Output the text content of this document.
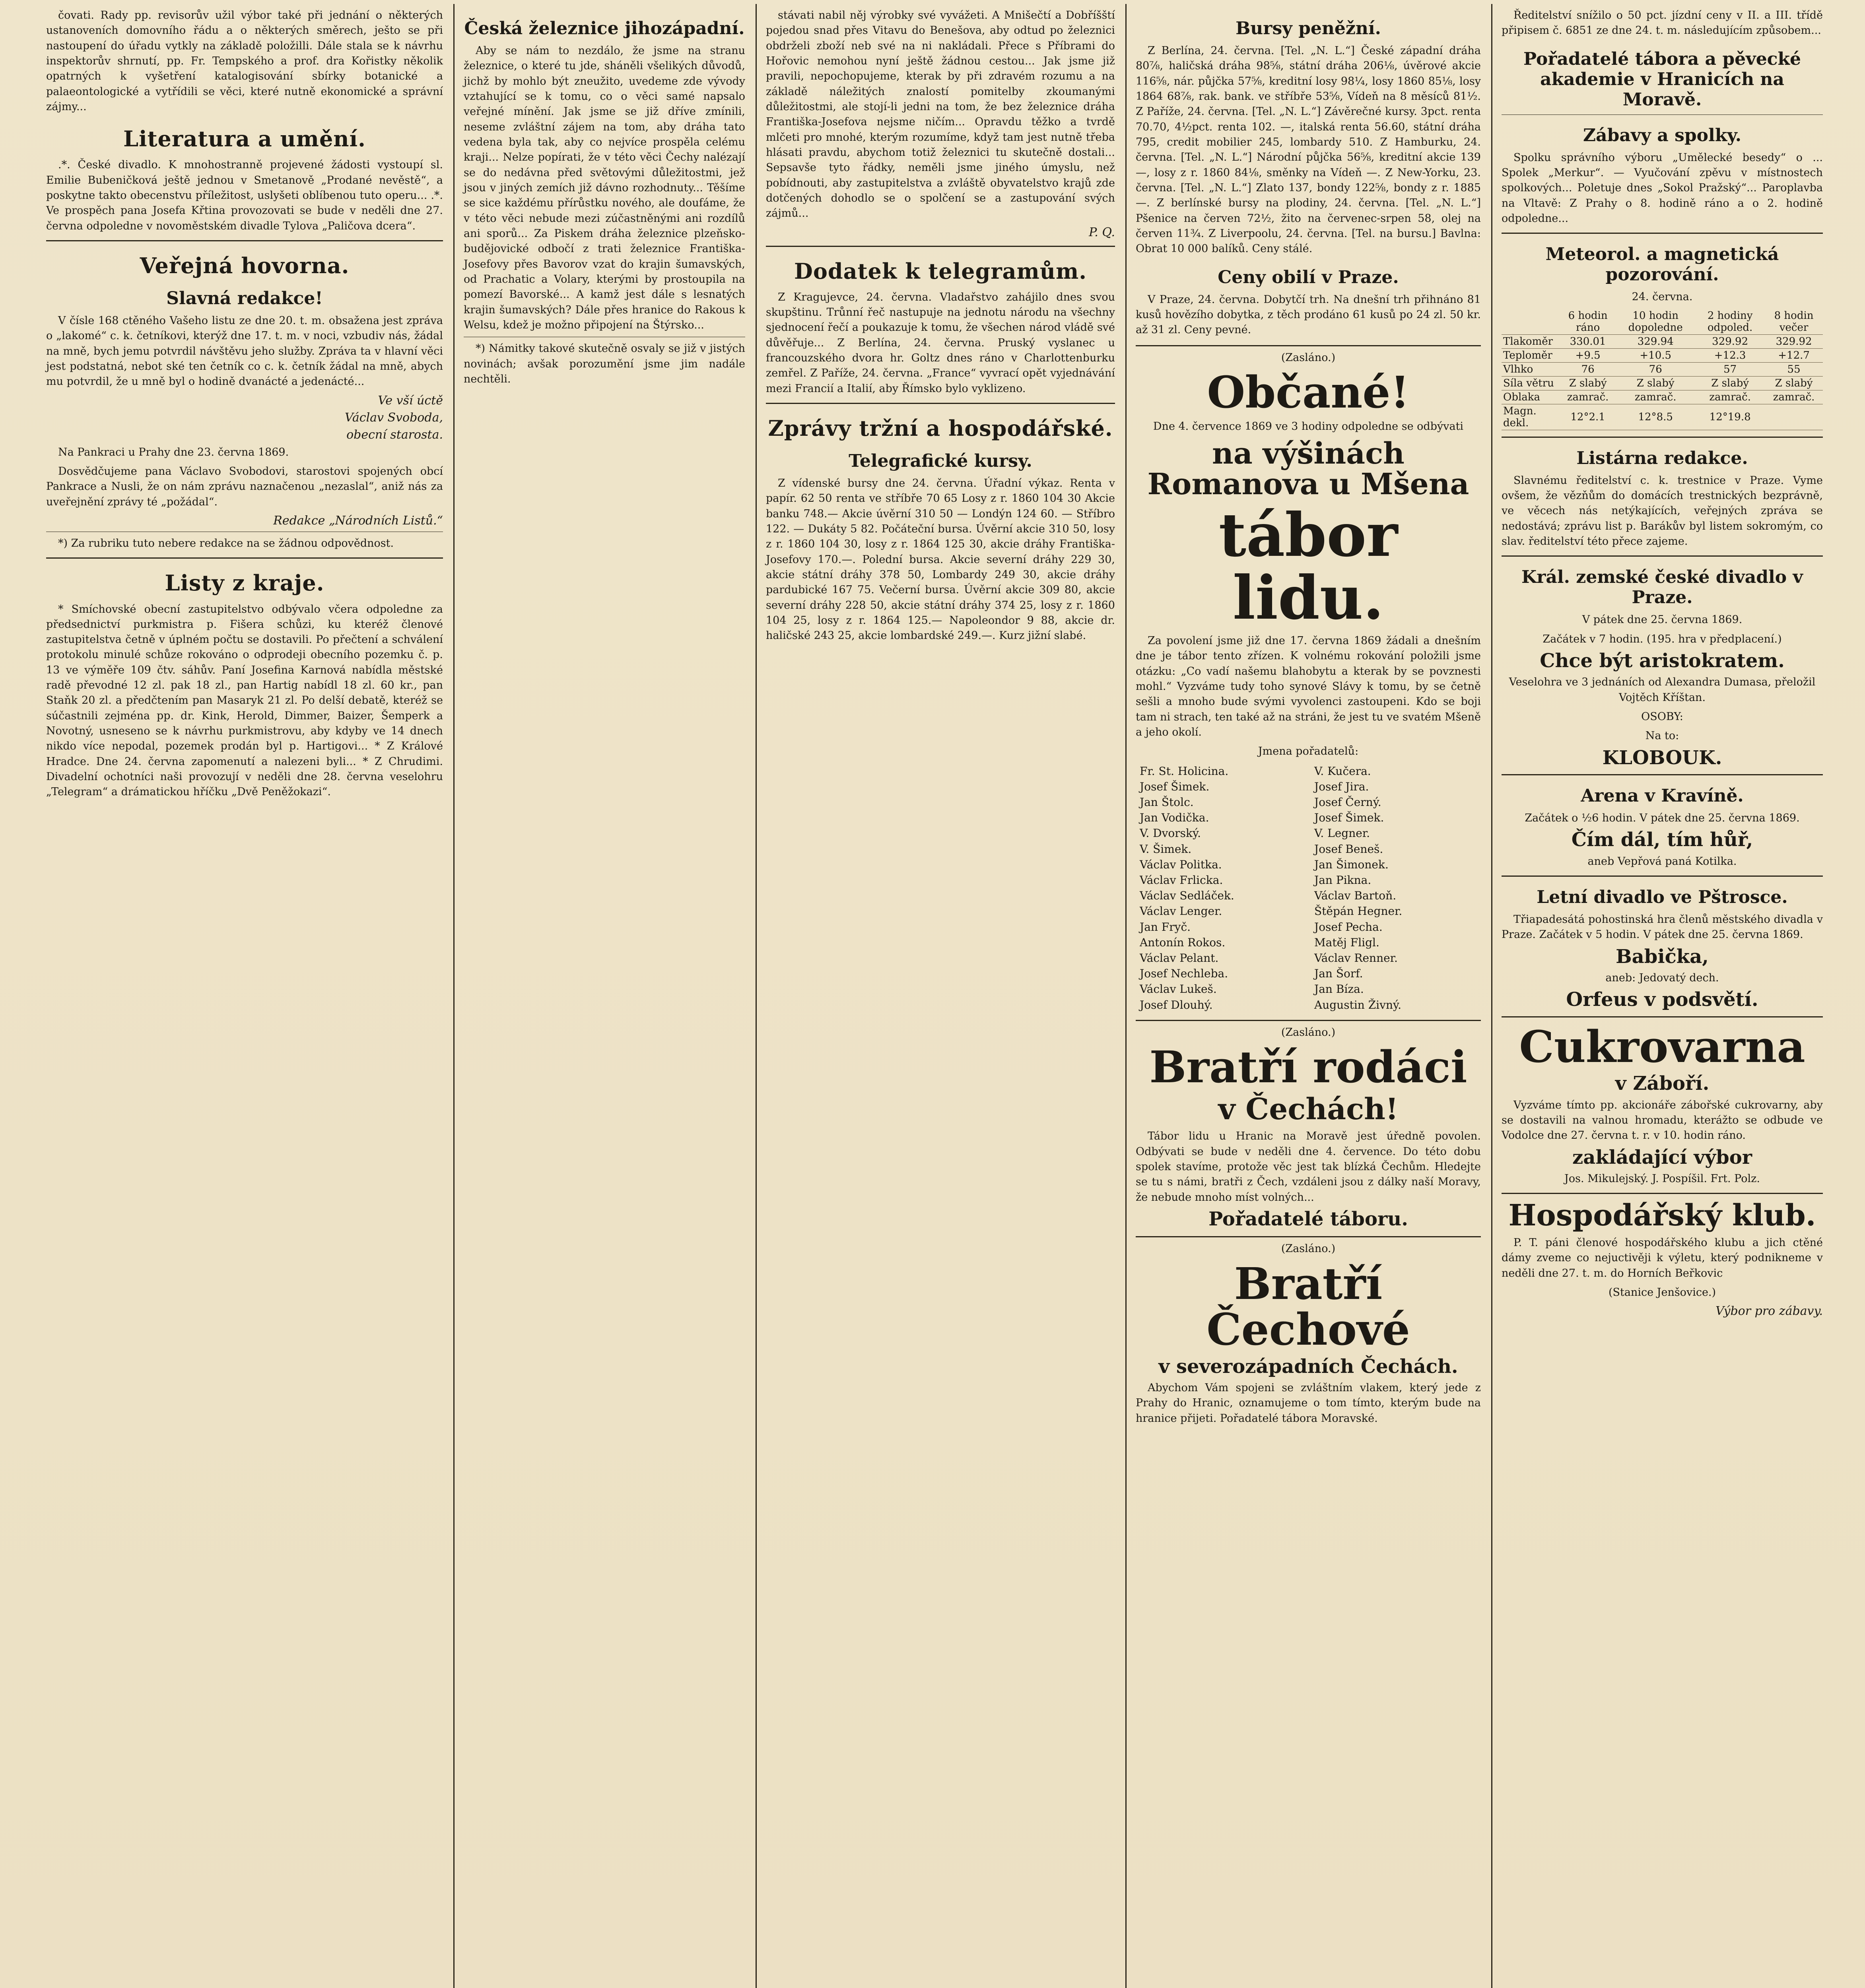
čovati. Rady pp. revisorův užil výbor také při jednání o některých ustanoveních domovního řádu a o některých směrech, ješto se při nastoupení do úřadu vytkly na základě položilli. Dále stala se k návrhu inspektorův shrnutí, pp. Fr. Tempského a prof. dra Kořistky několik opatrných k vyšetření katalogisování sbírky botanické a palaeontologické a vytřídili se věci, které nutně ekonomické a správní zájmy...

Literatura a umění.

.*. České divadlo. K mnohostranně projevené žádosti vystoupí sl. Emilie Bubeničková ještě jednou v Smetanově „Prodané nevěstě“, a poskytne takto obecenstvu příležitost, uslyšeti oblíbenou tuto operu... .*. Ve prospěch pana Josefa Křtina provozovati se bude v neděli dne 27. června odpoledne v novoměstském divadle Tylova „Paličova dcera“.

Veřejná hovorna.
Slavná redakce!

V čísle 168 ctěného Vašeho listu ze dne 20. t. m. obsažena jest zpráva o „lakomé“ c. k. četníkovi, kterýž dne 17. t. m. v noci, vzbudiv nás, žádal na mně, bych jemu potvrdil návštěvu jeho služby. Zpráva ta v hlavní věci jest podstatná, nebot ské ten četník co c. k. četník žádal na mně, abych mu potvrdil, že u mně byl o hodině dvanácté a jedenácté...

Ve vší úctě
Václav Svoboda,
obecní starosta.

Na Pankraci u Prahy dne 23. června 1869.

Dosvědčujeme pana Václavo Svobodovi, starostovi spojených obcí Pankrace a Nusli, že on nám zprávu naznačenou „nezaslal“, aniž nás za uveřejnění zprávy té „požádal“.

Redakce „Národních Listů.“

*) Za rubriku tuto nebere redakce na se žádnou odpovědnost.

Listy z kraje.

* Smíchovské obecní zastupitelstvo odbývalo včera odpoledne za předsednictví purkmistra p. Fišera schůzi, ku kteréž členové zastupitelstva četně v úplném počtu se dostavili. Po přečtení a schválení protokolu minulé schůze rokováno o odprodeji obecního pozemku č. p. 13 ve výměře 109 čtv. sáhův. Paní Josefina Karnová nabídla městské radě převodné 12 zl. pak 18 zl., pan Hartig nabídl 18 zl. 60 kr., pan Staňk 20 zl. a předčtením pan Masaryk 21 zl. Po delší debatě, kteréž se súčastnili zejména pp. dr. Kink, Herold, Dimmer, Baizer, Šemperk a Novotný, usneseno se k návrhu purkmistrovu, aby kdyby ve 14 dnech nikdo více nepodal, pozemek prodán byl p. Hartigovi... * Z Králové Hradce. Dne 24. června zapomenutí a nalezeni byli... * Z Chrudimi. Divadelní ochotníci naši provozují v neděli dne 28. června veselohru „Telegram“ a drámatickou hříčku „Dvě Peněžokazi“.

Česká železnice jihozápadní.

Aby se nám to nezdálo, že jsme na stranu železnice, o které tu jde, sháněli všelikých důvodů, jichž by mohlo být zneužito, uvedeme zde vývody vztahující se k tomu, co o věci samé napsalo veřejné mínění. Jak jsme se již dříve zmínili, neseme zvláštní zájem na tom, aby dráha tato vedena byla tak, aby co nejvíce prospěla celému kraji... Nelze popírati, že v této věci Čechy nalézají se do nedávna před světovými důležitostmi, jež jsou v jiných zemích již dávno rozhodnuty... Těšíme se sice každému přírůstku nového, ale doufáme, že v této věci nebude mezi zúčastněnými ani rozdílů ani sporů... Za Piskem dráha železnice plzeňsko-budějovické odbočí z trati železnice Františka-Josefovy přes Bavorov vzat do krajin šumavských, od Prachatic a Volary, kterými by prostoupila na pomezí Bavorské... A kamž jest dále s lesnatých krajin šumavských? Dále přes hranice do Rakous k Welsu, kdež je možno připojení na Štýrsko...

*) Námitky takové skutečně osvaly se již v jistých novinách; avšak porozumění jsme jim nadále nechtěli.

stávati nabil něj výrobky své vyvážeti. A Mnišečtí a Dobříšští pojedou snad přes Vitavu do Benešova, aby odtud po železnici obdrželi zboží neb své na ni nakládali. Přece s Příbrami do Hořovic nemohou nyní ještě žádnou cestou... Jak jsme již pravili, nepochopujeme, kterak by při zdravém rozumu a na základě náležitých znalostí pomitelby zkoumanými důležitostmi, ale stojí-li jedni na tom, že bez železnice dráha Františka-Josefova nejsme ničím... Opravdu těžko a tvrdě mlčeti pro mnohé, kterým rozumíme, když tam jest nutně třeba hlásati pravdu, abychom totiž železnici tu skutečně dostali... Sepsavše tyto řádky, neměli jsme jiného úmyslu, než pobídnouti, aby zastupitelstva a zvláště obyvatelstvo krajů zde dotčených dohodlo se o spolčení se a zastupování svých zájmů...

P. Q.
Dodatek k telegramům.

Z Kragujevce, 24. června. Vladařstvo zahájilo dnes svou skupštinu. Trůnní řeč nastupuje na jednotu národu na všechny sjednocení řečí a poukazuje k tomu, že všechen národ vládě své důvěřuje... Z Berlína, 24. června. Pruský vyslanec u francouzského dvora hr. Goltz dnes ráno v Charlottenburku zemřel. Z Paříže, 24. června. „France“ vyvrací opět vyjednávání mezi Francií a Italií, aby Římsko bylo vyklizeno.

Zprávy tržní a hospodářské.
Telegrafické kursy.

Z vídenské bursy dne 24. června. Úřadní výkaz. Renta v papír. 62 50 renta ve stříbře 70 65 Losy z r. 1860 104 30 Akcie banku 748.— Akcie úvěrní 310 50 — Londýn 124 60. — Stříbro 122. — Dukáty 5 82. Počáteční bursa. Úvěrní akcie 310 50, losy z r. 1860 104 30, losy z r. 1864 125 30, akcie dráhy Františka-Josefovy 170.—. Polední bursa. Akcie severní dráhy 229 30, akcie státní dráhy 378 50, Lombardy 249 30, akcie dráhy pardubické 167 75. Večerní bursa. Úvěrní akcie 309 80, akcie severní dráhy 228 50, akcie státní dráhy 374 25, losy z r. 1860 104 25, losy z r. 1864 125.— Napoleondor 9 88, akcie dr. haličské 243 25, akcie lombardské 249.—. Kurz jižní slabé.

Bursy peněžní.

Z Berlína, 24. června. [Tel. „N. L.“] České západní dráha 80⅞, haličská dráha 98⅝, státní dráha 206⅛, úvěrové akcie 116⅝, nár. půjčka 57⅝, kreditní losy 98¼, losy 1860 85⅛, losy 1864 68⅞, rak. bank. ve stříbře 53⅝, Vídeň na 8 měsíců 81½. Z Paříže, 24. června. [Tel. „N. L.“] Závěrečné kursy. 3pct. renta 70.70, 4½pct. renta 102. —, italská renta 56.60, státní dráha 795, credit mobilier 245, lombardy 510. Z Hamburku, 24. června. [Tel. „N. L.“] Národní půjčka 56⅝, kreditní akcie 139—, losy z r. 1860 84⅛, směnky na Vídeň —. Z New-Yorku, 23. června. [Tel. „N. L.“] Zlato 137, bondy 122⅝, bondy z r. 1885 —. Z berlínské bursy na plodiny, 24. června. [Tel. „N. L.“] Pšenice na červen 72½, žito na červenec-srpen 58, olej na červen 11¾. Z Liverpoolu, 24. června. [Tel. na bursu.] Bavlna: Obrat 10 000 balíků. Ceny stálé.

Ceny obilí v Praze.

V Praze, 24. června. Dobytčí trh. Na dnešní trh přihnáno 81 kusů hovězího dobytka, z těch prodáno 61 kusů po 24 zl. 50 kr. až 31 zl. Ceny pevné.

(Zasláno.)

Občané!

Dne 4. července 1869 ve 3 hodiny odpoledne se odbývati

na výšinách Romanova u Mšena
tábor lidu.

Za povolení jsme již dne 17. června 1869 žádali a dnešním dne je tábor tento zřízen. K volnému rokování položili jsme otázku: „Co vadí našemu blahobytu a kterak by se povznesti mohl.“ Vyzváme tudy toho synové Slávy k tomu, by se četně sešli a mnoho bude svými vyvolenci zastoupeni. Kdo se boji tam ni strach, ten také až na stráni, že jest tu ve svatém Mšeně a jeho okolí.

Jmena pořadatelů:

Fr. St. Holicina.
Josef Šimek.
Jan Štolc.
Jan Vodička.
V. Dvorský.
V. Šimek.
Václav Politka.
Václav Frlicka.
Václav Sedláček.
Václav Lenger.
Jan Fryč.
Antonín Rokos.
Václav Pelant.
Josef Nechleba.
Václav Lukeš.
Josef Dlouhý.
V. Kučera.
Josef Jira.
Josef Černý.
Josef Šimek.
V. Legner.
Josef Beneš.
Jan Šimonek.
Jan Pikna.
Václav Bartoň.
Štěpán Hegner.
Josef Pecha.
Matěj Fligl.
Václav Renner.
Jan Šorf.
Jan Bíza.
Augustin Živný.

(Zasláno.)

Bratří rodáci
v Čechách!

Tábor lidu u Hranic na Moravě jest úředně povolen. Odbývati se bude v neděli dne 4. července. Do této dobu spolek stavíme, protože věc jest tak blízká Čechům. Hledejte se tu s námi, bratři z Čech, vzdáleni jsou z dálky naší Moravy, že nebude mnoho míst volných...

Pořadatelé táboru.

(Zasláno.)

Bratří Čechové
v severozápadních Čechách.

Abychom Vám spojeni se zvláštním vlakem, který jede z Prahy do Hranic, oznamujeme o tom tímto, kterým bude na hranice přijeti. Pořadatelé tábora Moravské.

Ředitelství snížilo o 50 pct. jízdní ceny v II. a III. třídě připisem č. 6851 ze dne 24. t. m. následujícím způsobem...

Pořadatelé tábora a pěvecké akademie v Hranicích na Moravě.
Zábavy a spolky.

Spolku správního výboru „Umělecké besedy“ o ... Spolek „Merkur“. — Vyučování zpěvu v místnostech spolkových... Poletuje dnes „Sokol Pražský“... Paroplavba na Vltavě: Z Prahy o 8. hodině ráno a o 2. hodině odpoledne...

Meteorol. a magnetická pozorování.

24. června.

	6 hodin ráno	10 hodin dopoledne	2 hodiny odpoled.	8 hodin večer
Tlakoměr	330.01	329.94	329.92	329.92
Teploměr	+9.5	+10.5	+12.3	+12.7
Vlhko	76	76	57	55
Síla větru	Z slabý	Z slabý	Z slabý	Z slabý
Oblaka	zamrač.	zamrač.	zamrač.	zamrač.
Magn. dekl.	12°2.1	12°8.5	12°19.8	
Listárna redakce.

Slavnému ředitelství c. k. trestnice v Praze. Vyme ovšem, že vězňům do domácích trestnických bezprávně, ve věcech nás netýkajících, veřejných zpráva se nedostává; zprávu list p. Barákův byl listem sokromým, co slav. ředitelství této přece zajeme.

Král. zemské české divadlo v Praze.

V pátek dne 25. června 1869.

Začátek v 7 hodin. (195. hra v předplacení.)

Chce být aristokratem.

Veselohra ve 3 jednáních od Alexandra Dumasa, přeložil Vojtěch Kříštan.

OSOBY:

Na to:

KLOBOUK.
Arena v Kravíně.

Začátek o ½6 hodin. V pátek dne 25. června 1869.

Čím dál, tím hůř,

aneb Vepřová paná Kotilka.

Letní divadlo ve Pštrosce.

Třiapadesátá pohostinská hra členů městského divadla v Praze. Začátek v 5 hodin. V pátek dne 25. června 1869.

Babička,

aneb: Jedovatý dech.

Orfeus v podsvětí.
Cukrovarna
v Záboří.

Vyzváme tímto pp. akcionáře zábořské cukrovarny, aby se dostavili na valnou hromadu, kterážto se odbude ve Vodolce dne 27. června t. r. v 10. hodin ráno.

zakládající výbor

Jos. Mikulejský. J. Pospíšil. Frt. Polz.

Hospodářský klub.

P. T. páni členové hospodářského klubu a jich ctěné dámy zveme co nejuctivěji k výletu, který podnikneme v neděli dne 27. t. m. do Horních Beřkovic

(Stanice Jenšovice.)

Výbor pro zábavy.
